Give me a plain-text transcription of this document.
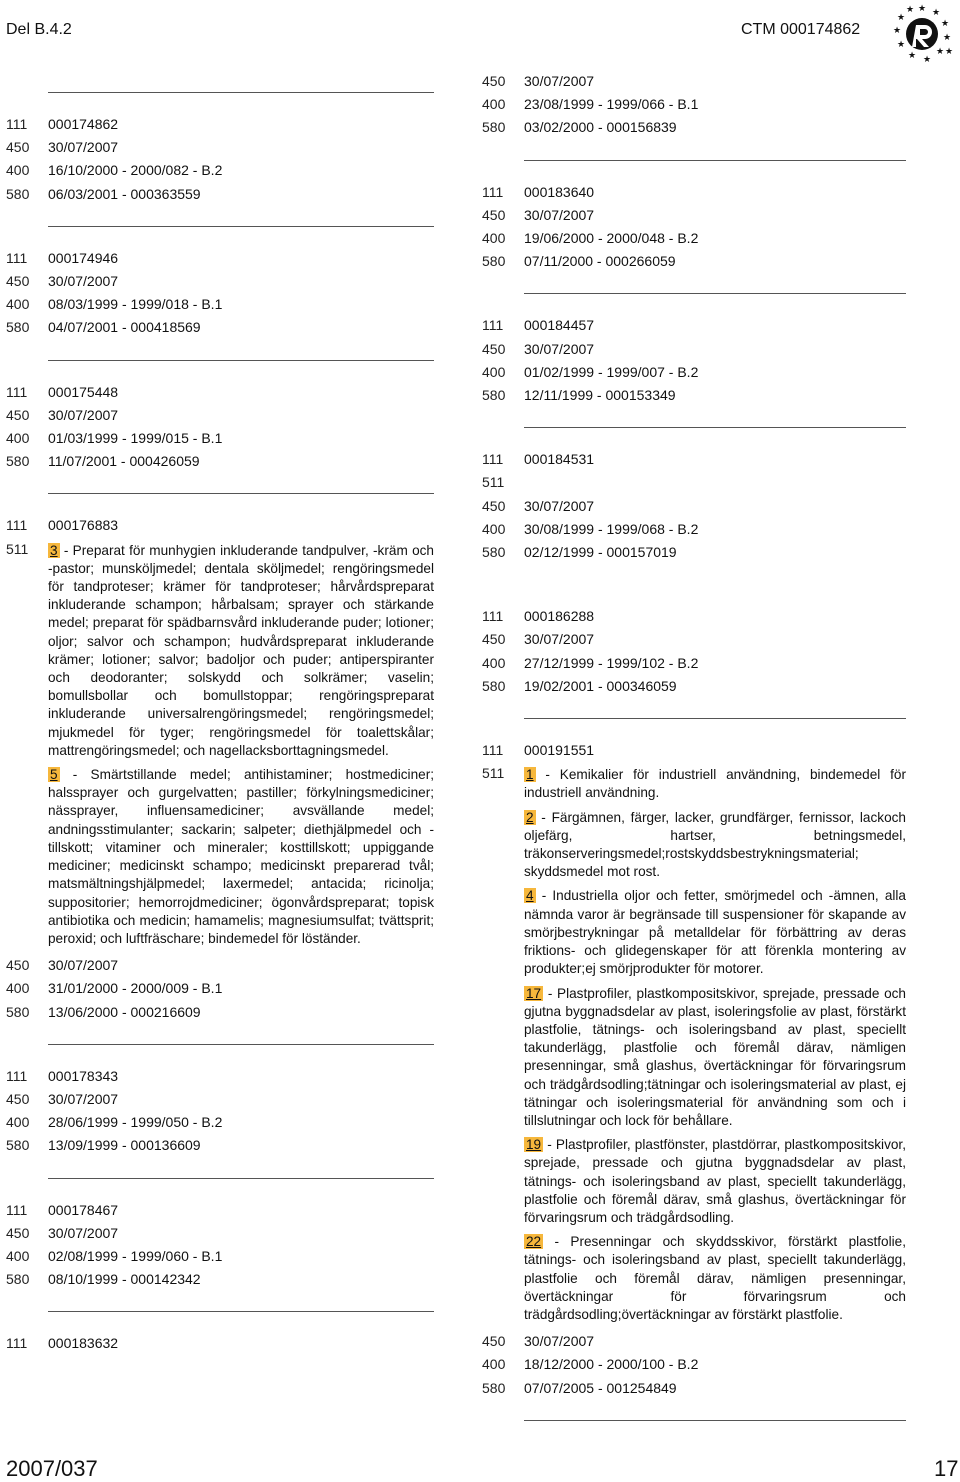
Del B.4.2	CTM 000174862
★ ★
★
★
★
★
★
★
★
★
★
★
111	000174862
450	30/07/2007
400	16/10/2000 - 2000/082 - B.2
580	06/03/2001 - 000363559
111	000174946
450	30/07/2007
400	08/03/1999 - 1999/018 - B.1
580	04/07/2001 - 000418569
111	000175448
450	30/07/2007
400	01/03/1999 - 1999/015 - B.1
580	11/07/2001 - 000426059
111	000176883
511	3 - Preparat för munhygien inkluderande tandpulver, -kräm och -pastor; munsköljmedel; dentala sköljmedel; rengöringsmedel för tandproteser; krämer för tandproteser; hårvårdspreparat inkluderande schampon; hårbalsam; sprayer och stärkande medel; preparat för spädbarnsvård inkluderande puder; lotioner; oljor; salvor och schampon; hudvårdspreparat inkluderande krämer; lotioner; salvor; badoljor och puder; antiperspiranter och deodoranter; solskydd och solkrämer; vaselin; bomullsbollar och bomullstoppar; rengöringspreparat inkluderande universalrengöringsmedel; rengöringsmedel; mjukmedel för tyger; rengöringsmedel för toalettskålar; mattrengöringsmedel; och nagellacksborttagningsmedel.

5 - Smärtstillande medel; antihistaminer; hostmediciner; halssprayer och gurgelvatten; pastiller; förkylningsmediciner; nässprayer, influensamediciner; avsvällande medel; andningsstimulanter; sackarin; salpeter; diethjälpmedel och -tillskott; vitaminer och mineraler; kosttillskott; uppiggande mediciner; medicinskt schampo; medicinskt preparerad tvål; matsmältningshjälpmedel; laxermedel; antacida; ricinolja; suppositorier; hemorrojdmediciner; ögonvårdspreparat; topisk antibiotika och medicin; hamamelis; magnesiumsulfat; tvättsprit; peroxid; och luftfräschare; bindemedel för löständer.

450	30/07/2007
400	31/01/2000 - 2000/009 - B.1
580	13/06/2000 - 000216609
111	000178343
450	30/07/2007
400	28/06/1999 - 1999/050 - B.2
580	13/09/1999 - 000136609
111	000178467
450	30/07/2007
400	02/08/1999 - 1999/060 - B.1
580	08/10/1999 - 000142342
111	000183632
450	30/07/2007
400	23/08/1999 - 1999/066 - B.1
580	03/02/2000 - 000156839
111	000183640
450	30/07/2007
400	19/06/2000 - 2000/048 - B.2
580	07/11/2000 - 000266059
111	000184457
450	30/07/2007
400	01/02/1999 - 1999/007 - B.2
580	12/11/1999 - 000153349
111	000184531
511
450	30/07/2007
400	30/08/1999 - 1999/068 - B.2
580	02/12/1999 - 000157019
111	000186288
450	30/07/2007
400	27/12/1999 - 1999/102 - B.2
580	19/02/2001 - 000346059
111	000191551
511	1 - Kemikalier för industriell användning, bindemedel för industriell användning.

2 - Färgämnen, färger, lacker, grundfärger, fernissor, lackoch oljefärg, hartser, betningsmedel, träkonserveringsmedel;rostskyddsbestrykningsmaterial; skyddsmedel mot rost.

4 - Industriella oljor och fetter, smörjmedel och -ämnen, alla nämnda varor är begränsade till suspensioner för skapande av smörjbestrykningar på metalldelar för förbättring av deras friktions- och glidegenskaper för att förenkla montering av produkter;ej smörjprodukter för motorer.

17 - Plastprofiler, plastkompositskivor, sprejade, pressade och gjutna byggnadsdelar av plast, isoleringsfolie av plast, förstärkt plastfolie, tätnings- och isoleringsband av plast, speciellt takunderlägg, plastfolie och föremål därav, nämligen presenningar, små glashus, övertäckningar för förvaringsrum och trädgårdsodling;tätningar och isoleringsmaterial av plast, ej tätningar och isoleringsmaterial för användning som och i tillslutningar och lock för behållare.

19 - Plastprofiler, plastfönster, plastdörrar, plastkompositskivor, sprejade, pressade och gjutna byggnadsdelar av plast, tätnings- och isoleringsband av plast, speciellt takunderlägg, plastfolie och föremål därav, små glashus, övertäckningar för förvaringsrum och trädgårdsodling.

22 - Presenningar och skyddsskivor, förstärkt plastfolie, tätnings- och isoleringsband av plast, speciellt takunderlägg, plastfolie och föremål därav, nämligen presenningar, övertäckningar för förvaringsrum och trädgårdsodling;övertäckningar av förstärkt plastfolie.

450	30/07/2007
400	18/12/2000 - 2000/100 - B.2
580	07/07/2005 - 001254849
2007/037	17
